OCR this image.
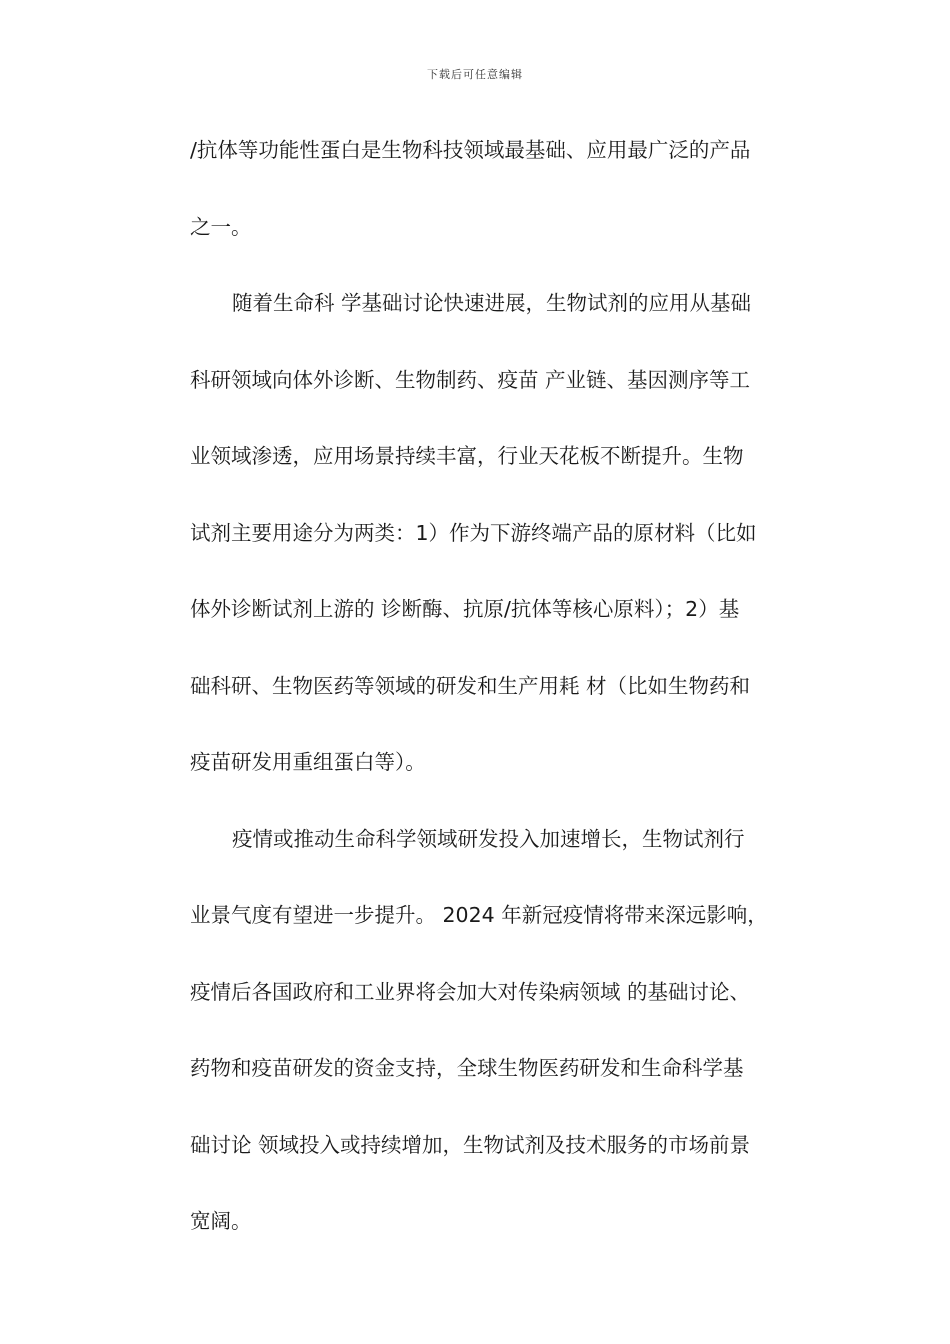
下载后可任意编辑
/抗体等功能性蛋白是生物科技领域最基础、应用最广泛的产品
之一。
随着生命科 学基础讨论快速进展，生物试剂的应用从基础
科研领域向体外诊断、生物制药、疫苗 产业链、基因测序等工
业领域渗透，应用场景持续丰富，行业天花板不断提升。生物
试剂主要用途分为两类：1）作为下游终端产品的原材料（比如
体外诊断试剂上游的 诊断酶、抗原/抗体等核心原料）；2）基
础科研、生物医药等领域的研发和生产用耗 材（比如生物药和
疫苗研发用重组蛋白等）。
疫情或推动生命科学领域研发投入加速增长，生物试剂行
业景气度有望进一步提升。 2024 年新冠疫情将带来深远影响，
疫情后各国政府和工业界将会加大对传染病领域 的基础讨论、
药物和疫苗研发的资金支持，全球生物医药研发和生命科学基
础讨论 领域投入或持续增加，生物试剂及技术服务的市场前景
宽阔。
